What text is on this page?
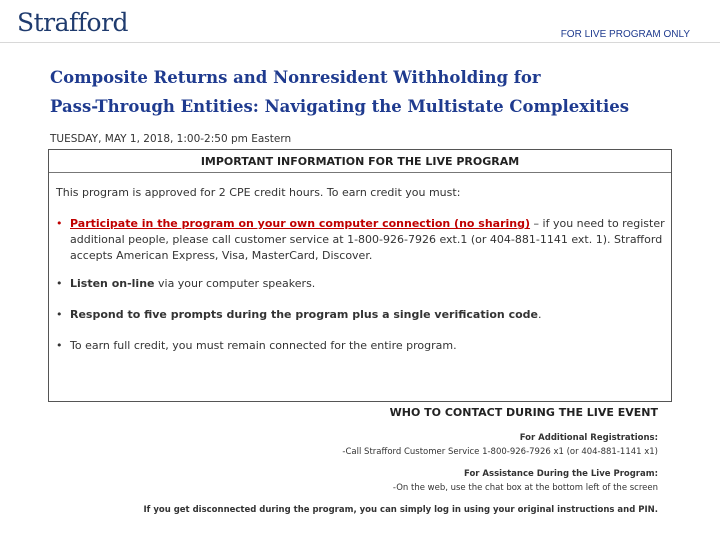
Strafford	FOR LIVE PROGRAM ONLY
Composite Returns and Nonresident Withholding for
Pass-Through Entities: Navigating the Multistate Complexities
TUESDAY, MAY 1, 2018, 1:00-2:50 pm Eastern
IMPORTANT INFORMATION FOR THE LIVE PROGRAM
This program is approved for 2 CPE credit hours. To earn credit you must:
• Participate in the program on your own computer connection (no sharing) – if you need to register additional people, please call customer service at 1-800-926-7926 ext.1 (or 404-881-1141 ext. 1). Strafford accepts American Express, Visa, MasterCard, Discover.
• Listen on-line via your computer speakers.
• Respond to five prompts during the program plus a single verification code.
• To earn full credit, you must remain connected for the entire program.
WHO TO CONTACT DURING THE LIVE EVENT
For Additional Registrations:
-Call Strafford Customer Service 1-800-926-7926 x1 (or 404-881-1141 x1)
For Assistance During the Live Program:
-On the web, use the chat box at the bottom left of the screen
If you get disconnected during the program, you can simply log in using your original instructions and PIN.
